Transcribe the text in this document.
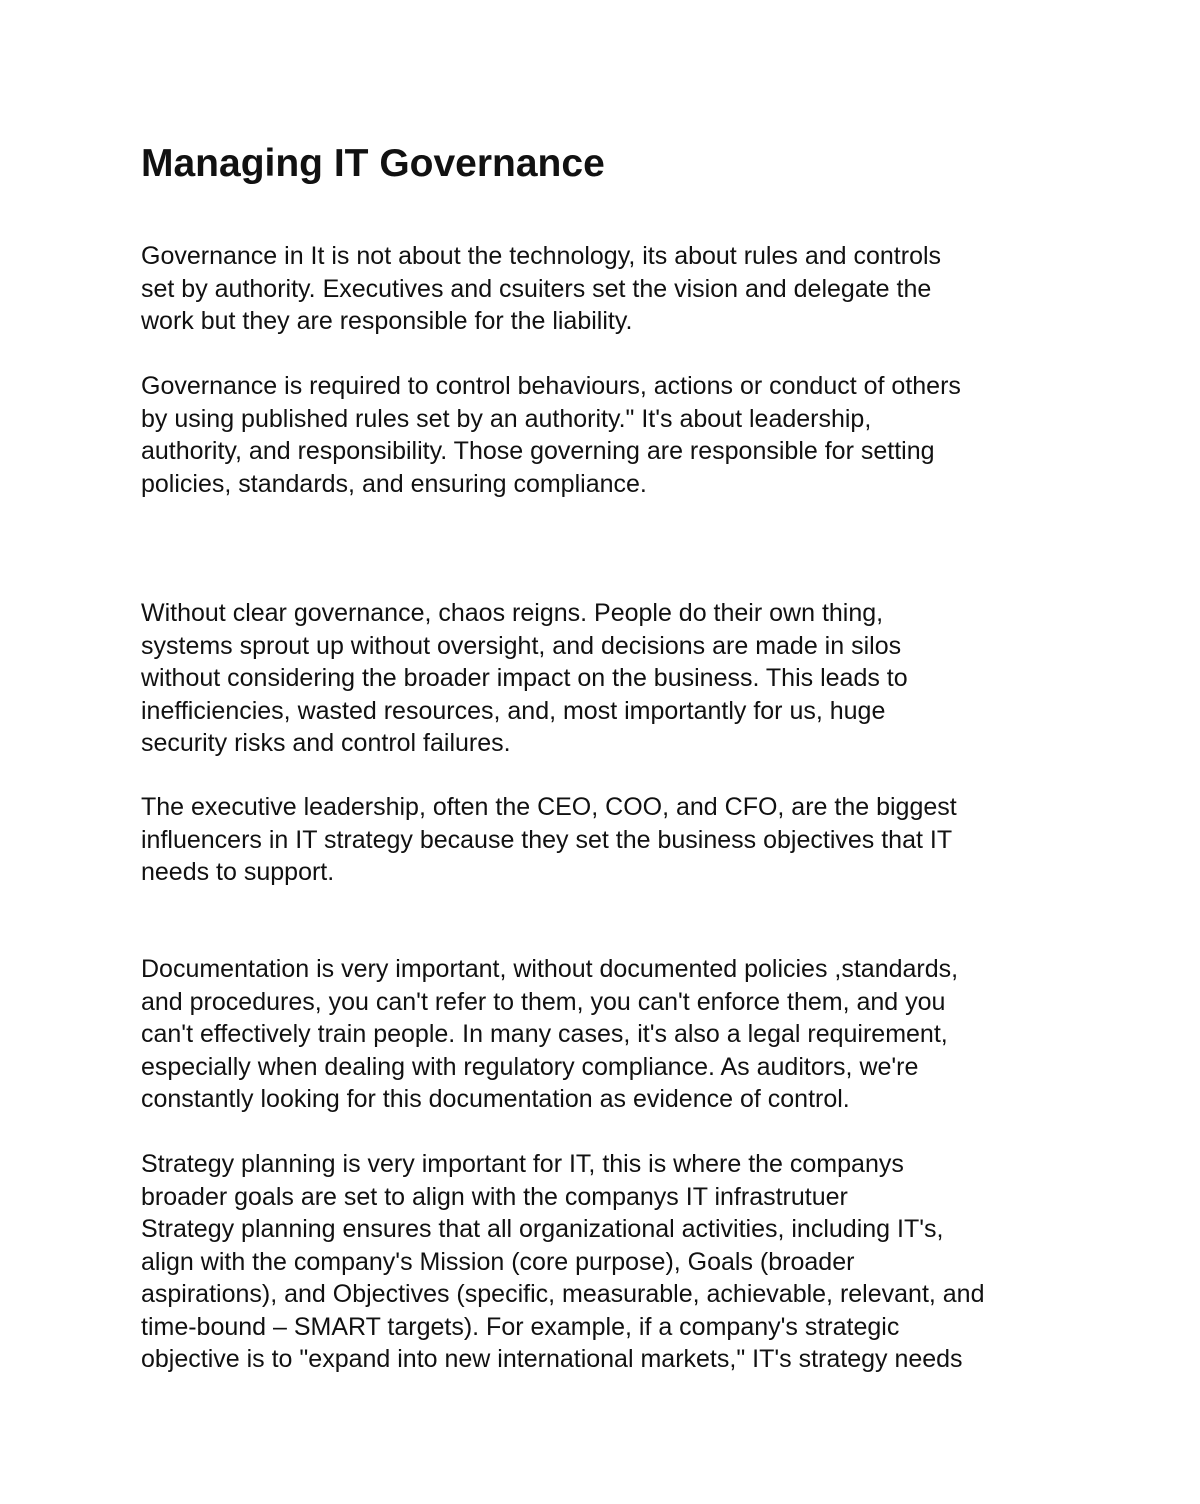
Managing IT Governance

Governance in It is not about the technology, its about rules and controls
set by authority. Executives and csuiters set the vision and delegate the
work but they are responsible for the liability.

Governance is required to control behaviours, actions or conduct of others
by using published rules set by an authority." It's about leadership,
authority, and responsibility. Those governing are responsible for setting
policies, standards, and ensuring compliance.

Without clear governance, chaos reigns. People do their own thing,
systems sprout up without oversight, and decisions are made in silos
without considering the broader impact on the business. This leads to
inefficiencies, wasted resources, and, most importantly for us, huge
security risks and control failures.

The executive leadership, often the CEO, COO, and CFO, are the biggest
influencers in IT strategy because they set the business objectives that IT
needs to support.

Documentation is very important, without documented policies ,standards,
and procedures, you can't refer to them, you can't enforce them, and you
can't effectively train people. In many cases, it's also a legal requirement,
especially when dealing with regulatory compliance. As auditors, we're
constantly looking for this documentation as evidence of control.

Strategy planning is very important for IT, this is where the companys
broader goals are set to align with the companys IT infrastrutuer
Strategy planning ensures that all organizational activities, including IT's,
align with the company's Mission (core purpose), Goals (broader
aspirations), and Objectives (specific, measurable, achievable, relevant, and
time-bound – SMART targets). For example, if a company's strategic
objective is to "expand into new international markets," IT's strategy needs
